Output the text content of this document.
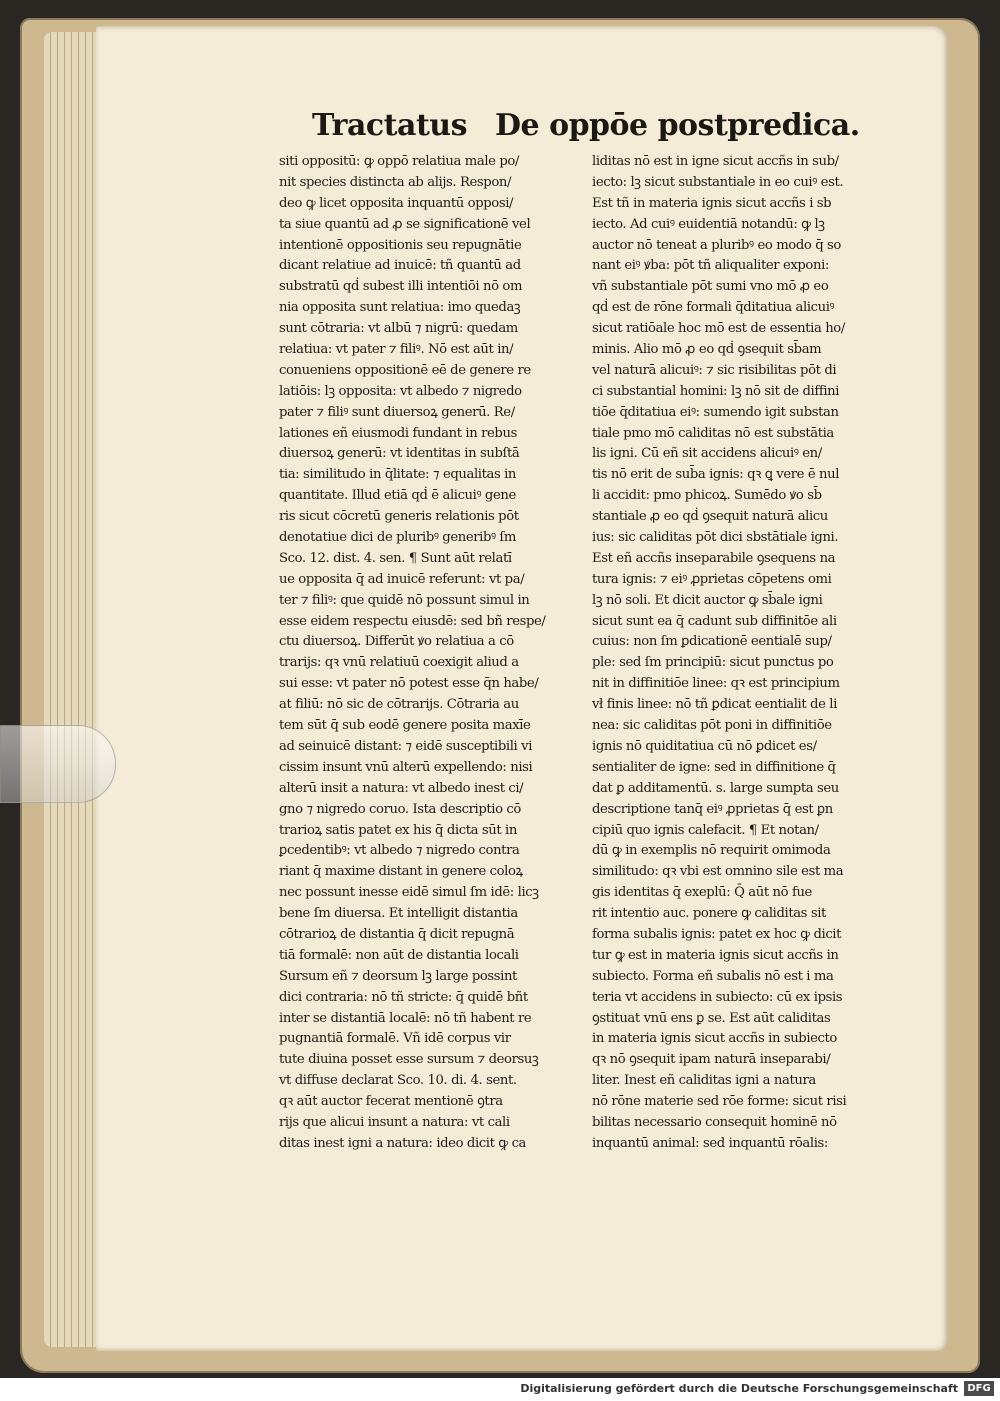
Tractatus De oppōe postpredica.
siti oppositū: ꝙ oppō relatiua male po/
nit species distincta ab alijs. Respon/
deo ꝙ licet opposita inquantū opposi/
ta siue quantū ad ꝓ se significationē vel
intentionē oppositionis seu repugnātie
dicant relatiue ad inuicē: tñ quantū ad
substratū qḋ subest illi intentiōi nō om
nia opposita sunt relatiua: imo quedaꝫ
sunt cōtraria: vt albū ⁊ nigrū: quedam
relatiua: vt pater ⁊ filiꝰ. Nō est aūt in/
conueniens oppositionē eē de genere re
latiōis: lꝫ opposita: vt albedo ⁊ nigredo
pater ⁊ filiꝰ sunt diuersoꝝ generū. Re/
lationes eñ eiusmodi fundant in rebus
diuersoꝝ generū: vt identitas in subſtā
tia: similitudo in q̄litate: ⁊ equalitas in
quantitate. Illud etiā qḋ ē alicuiꝰ gene
ris sicut cōcretū generis relationis pōt
denotatiue dici de pluribꝰ generibꝰ ſm
Sco. 12. dist. 4. sen. ¶ Sunt aūt relatī
ue opposita q̄ ad inuicē referunt: vt pa/
ter ⁊ filiꝰ: que quidē nō possunt simul in
esse eidem respectu eiusdē: sed bñ respe/
ctu diuersoꝝ. Differūt ꝟo relatiua a cō
trarijs: qꝛ vnū relatiuū coexigit aliud a
sui esse: vt pater nō potest esse q̄n habe/
at filiū: nō sic de cōtrarijs. Cōtraria au
tem sūt q̄ sub eodē genere posita maxīe
ad seinuicē distant: ⁊ eidē susceptibili vi
cissim insunt vnū alterū expellendo: nisi
alterū insit a natura: vt albedo inest ci/
gno ⁊ nigredo coruo. Ista descriptio cō
trarioꝝ satis patet ex his q̄ dicta sūt in
ꝑcedentibꝰ: vt albedo ⁊ nigredo contra
riant q̄ maxime distant in genere coloꝝ
nec possunt inesse eidē simul ſm idē: licꝫ
bene ſm diuersa. Et intelligit distantia
cōtrarioꝝ de distantia q̄ dicit repugnā
tiā formalē: non aūt de distantia locali
Sursum eñ ⁊ deorsum lꝫ large possint
dici contraria: nō tñ stricte: q̄ quidē bñt
inter se distantiā localē: nō tñ habent re
pugnantiā formalē. Vñ idē corpus vir
tute diuina posset esse sursum ⁊ deorsuꝫ
vt diffuse declarat Sco. 10. di. 4. sent.
qꝛ aūt auctor fecerat mentionē ꝯtra
rijs que alicui insunt a natura: vt cali
ditas inest igni a natura: ideo dicit ꝙ ca
liditas nō est in igne sicut accñs in sub/
iecto: lꝫ sicut substantiale in eo cuiꝰ est.
Est tñ in materia ignis sicut accñs i sb
iecto. Ad cuiꝰ euidentiā notandū: ꝙ lꝫ
auctor nō teneat a pluribꝰ eo modo q̄ so
nant eiꝰ ꝟba: pōt tñ aliqualiter exponi:
vñ substantiale pōt sumi vno mō ꝓ eo
qḋ est de rōne formali q̄ditatiua alicuiꝰ
sicut ratiōale hoc mō est de essentia ho/
minis. Alio mō ꝓ eo qḋ ꝯsequit sb̄am
vel naturā alicuiꝰ: ⁊ sic risibilitas pōt di
ci substantial homini: lꝫ nō sit de diffini
tiōe q̄ditatiua eiꝰ: sumendo igit substan
tiale pmo mō caliditas nō est substātia
lis igni. Cū eñ sit accidens alicuiꝰ en/
tis nō erit de sub̄a ignis: qꝛ ꝗ vere ē nul
li accidit: pmo phicoꝝ. Sumēdo ꝟo sb̄
stantiale ꝓ eo qḋ ꝯsequit naturā alicu
ius: sic caliditas pōt dici sbstātiale igni.
Est eñ accñs inseparabile ꝯsequens na
tura ignis: ⁊ eiꝰ ꝓprietas cōpetens omi
lꝫ nō soli. Et dicit auctor ꝙ sb̄ale igni
sicut sunt ea q̄ cadunt sub diffinitōe ali
cuius: non ſm ꝑdicationē eentialē sup/
ple: sed ſm principiū: sicut punctus po
nit in diffinitiōe linee: qꝛ est principium
vł finis linee: nō tñ ꝑdicat eentialit de li
nea: sic caliditas pōt poni in diffinitiōe
ignis nō quiditatiua cū nō ꝑdicet es/
sentialiter de igne: sed in diffinitione q̄
dat ꝑ additamentū. s. large sumpta seu
descriptione tanq̄ eiꝰ ꝓprietas q̄ est ꝑn
cipiū quo ignis calefacit. ¶ Et notan/
dū ꝙ in exemplis nō requirit omimoda
similitudo: qꝛ vbi est omnino sile est ma
gis identitas q̄ exeplū: Q̄ aūt nō fue
rit intentio auc. ponere ꝙ caliditas sit
forma subalis ignis: patet ex hoc ꝙ dicit
tur ꝙ est in materia ignis sicut accñs in
subiecto. Forma eñ subalis nō est i ma
teria vt accidens in subiecto: cū ex ipsis
ꝯstituat vnū ens ꝑ se. Est aūt caliditas
in materia ignis sicut accñs in subiecto
qꝛ nō ꝯsequit ipam naturā inseparabi/
liter. Inest eñ caliditas igni a natura
nō rōne materie sed rōe forme: sicut risi
bilitas necessario consequit hominē nō
inquantū animal: sed inquantū rōalis:
Digitalisierung gefördert durch die Deutsche Forschungsgemeinschaft DFG
